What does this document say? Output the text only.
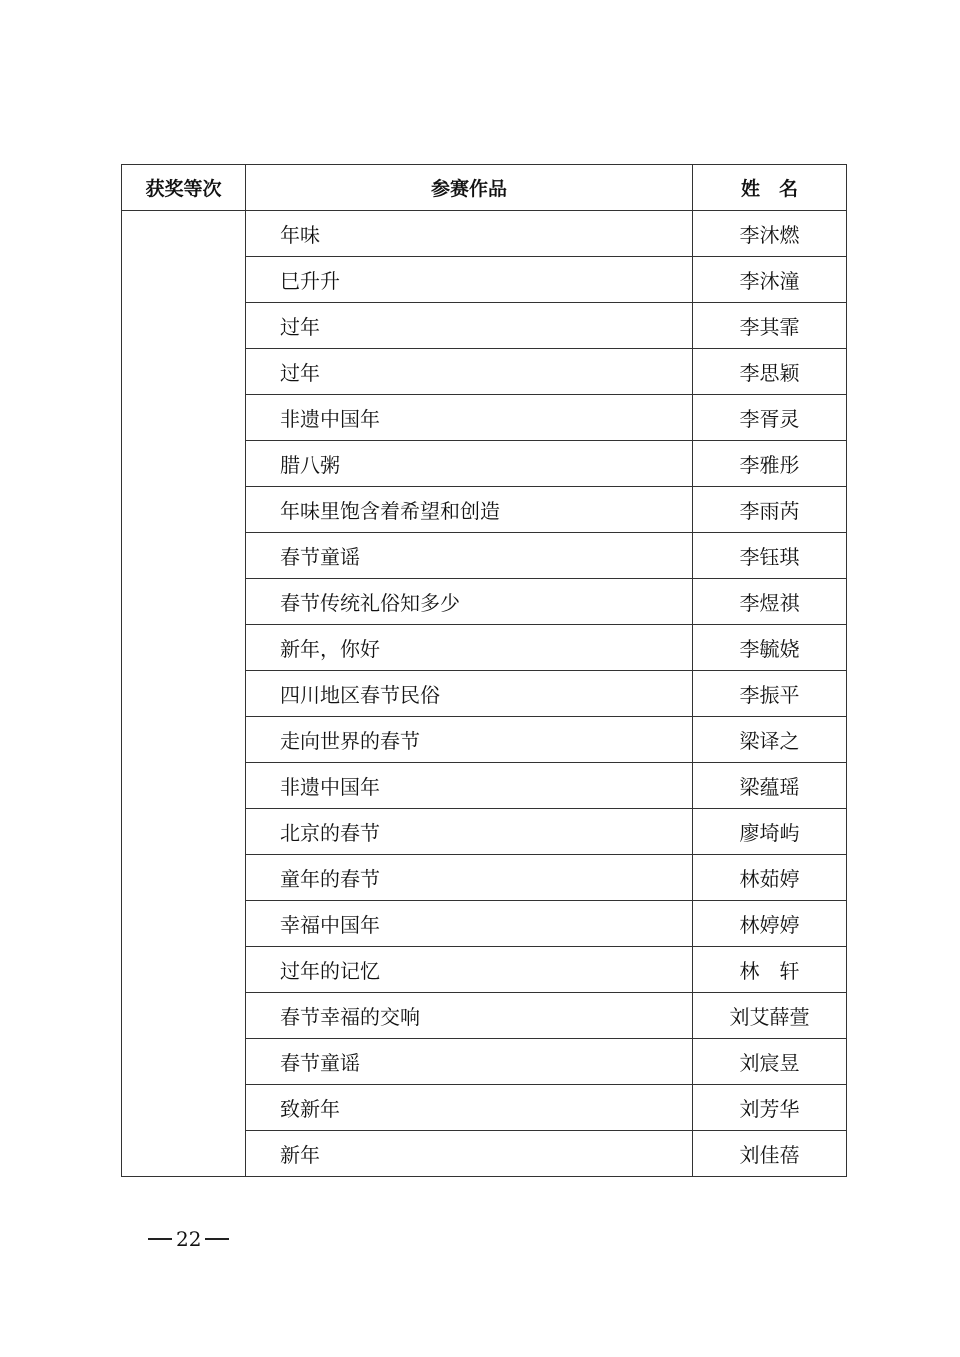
获奖等次	参赛作品	姓　名
	年味	李沐燃
	巳升升	李沐潼
	过年	李其霏
	过年	李思颖
	非遗中国年	李胥灵
	腊八粥	李雅彤
	年味里饱含着希望和创造	李雨芮
	春节童谣	李钰琪
	春节传统礼俗知多少	李煜祺
	新年，你好	李毓娆
	四川地区春节民俗	李振平
	走向世界的春节	梁译之
	非遗中国年	梁蕴瑶
	北京的春节	廖埼屿
	童年的春节	林茹婷
	幸福中国年	林婷婷
	过年的记忆	林　轩
	春节幸福的交响	刘艾薛萱
	春节童谣	刘宸昱
	致新年	刘芳华
	新年	刘佳蓓
22
